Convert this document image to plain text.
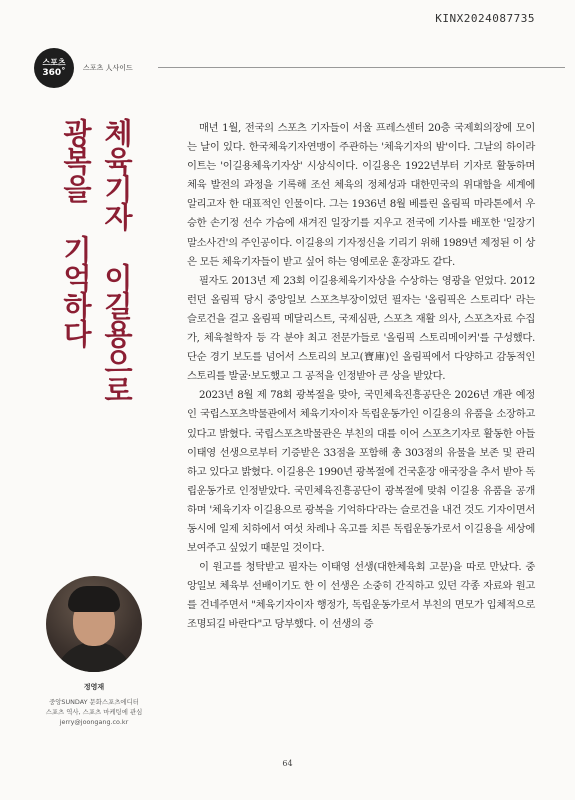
KINX2024087735
스포츠
360˚ 스포츠 人사이드
체육기자 이길용으로
광복을 기억하다	매년 1월, 전국의 스포츠 기자들이 서울 프레스센터 20층 국제회의장에 모이는 날이 있다. 한국체육기자연맹이 주관하는 '체육기자의 밤'이다. 그날의 하이라이트는 '이길용체육기자상' 시상식이다. 이길용은 1922년부터 기자로 활동하며 체육 발전의 과정을 기록해 조선 체육의 정체성과 대한민국의 위대함을 세계에 알리고자 한 대표적인 인물이다. 그는 1936년 8월 베를린 올림픽 마라톤에서 우승한 손기정 선수 가슴에 새겨진 일장기를 지우고 전국에 기사를 배포한 '일장기 말소사건'의 주인공이다. 이길용의 기자정신을 기리기 위해 1989년 제정된 이 상은 모든 체육기자들이 받고 싶어 하는 영예로운 훈장과도 같다.

필자도 2013년 제 23회 이길용체육기자상을 수상하는 영광을 얻었다. 2012 런던 올림픽 당시 중앙일보 스포츠부장이었던 필자는 '올림픽은 스토리다' 라는 슬로건을 걸고 올림픽 메달리스트, 국제심판, 스포츠 재활 의사, 스포츠자료 수집가, 체육철학자 등 각 분야 최고 전문가들로 '올림픽 스토리메이커'를 구성했다. 단순 경기 보도를 넘어서 스토리의 보고(寶庫)인 올림픽에서 다양하고 감동적인 스토리를 발굴·보도했고 그 공적을 인정받아 큰 상을 받았다.

2023년 8월 제 78회 광복절을 맞아, 국민체육진흥공단은 2026년 개관 예정인 국립스포츠박물관에서 체육기자이자 독립운동가인 이길용의 유품을 소장하고 있다고 밝혔다. 국립스포츠박물관은 부친의 대를 이어 스포츠기자로 활동한 아들 이태영 선생으로부터 기증받은 33점을 포함해 총 303점의 유물을 보존 및 관리하고 있다고 밝혔다. 이길용은 1990년 광복절에 건국훈장 애국장을 추서 받아 독립운동가로 인정받았다. 국민체육진흥공단이 광복절에 맞춰 이길용 유품을 공개하며 '체육기자 이길용으로 광복을 기억하다'라는 슬로건을 내건 것도 기자이면서 동시에 일제 치하에서 여섯 차례나 옥고를 치른 독립운동가로서 이길용을 세상에 보여주고 싶었기 때문일 것이다.

이 원고를 청탁받고 필자는 이태영 선생(대한체육회 고문)을 따로 만났다. 중앙일보 체육부 선배이기도 한 이 선생은 소중히 간직하고 있던 각종 자료와 원고를 건네주면서 "체육기자이자 행정가, 독립운동가로서 부친의 면모가 입체적으로 조명되길 바란다"고 당부했다. 이 선생의 증

정영재
중앙SUNDAY 문화스포츠에디터
스포츠 역사, 스포츠 마케팅에 관심
jerry@joongang.co.kr
64
